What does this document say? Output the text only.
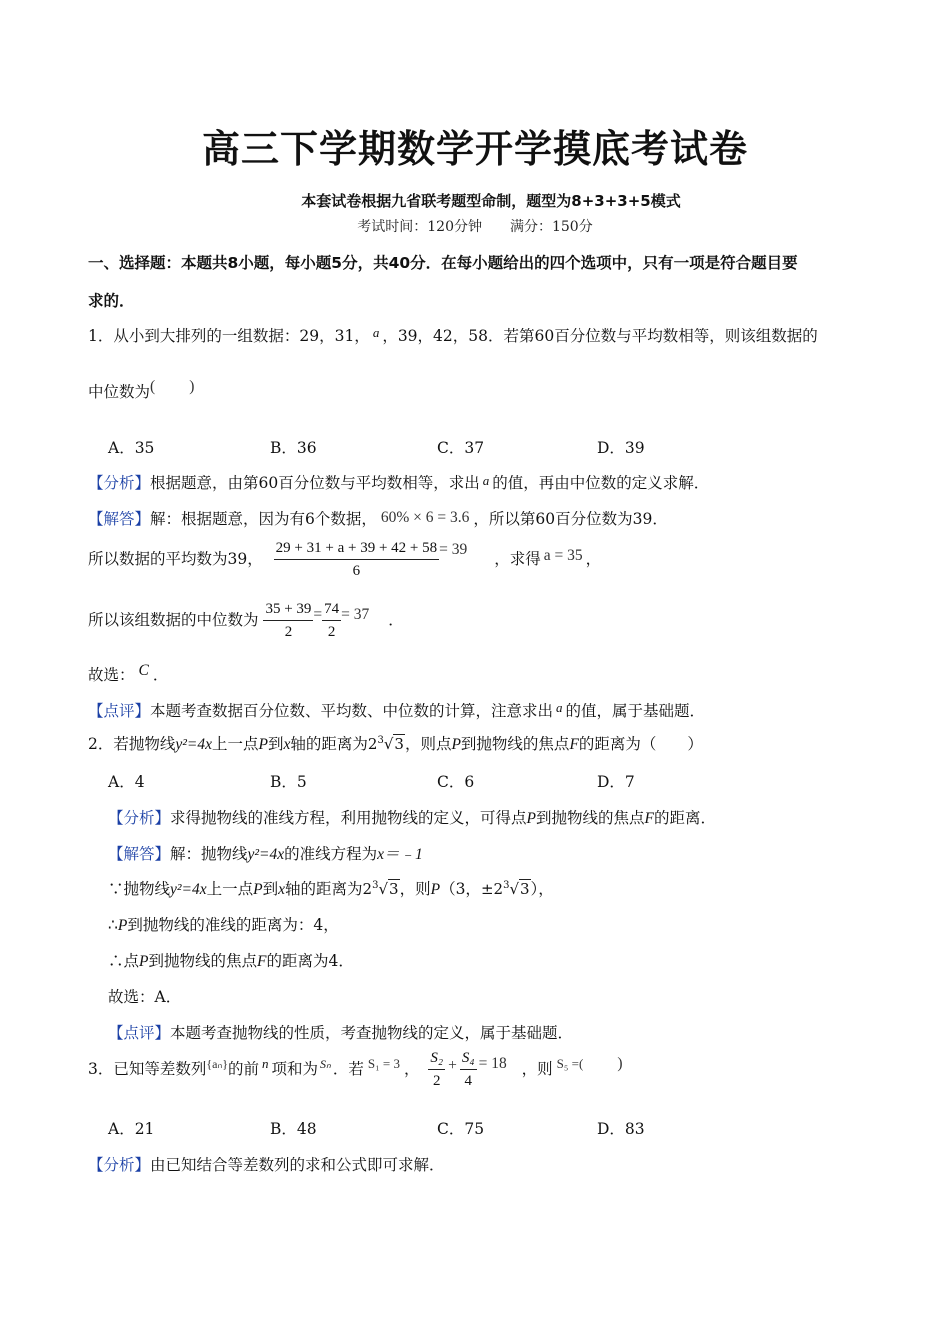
高三下学期数学开学摸底考试卷
本套试卷根据九省联考题型命制，题型为8+3+3+5模式
考试时间：120分钟　　满分：150分
一、选择题：本题共8小题，每小题5分，共40分．在每小题给出的四个选项中，只有一项是符合题目要
求的．
1．从小到大排列的一组数据：29，31， $^a$ ，39，42，58．若第60百分位数与平均数相等，则该组数据的
中位数为( )
A．35	B．36	C．37	D．39
【分析】根据题意，由第60百分位数与平均数相等，求出 a 的值，再由中位数的定义求解．
【解答】解：根据题意，因为有6个数据， 60% × 6 = 3.6 ，所以第60百分位数为39．
所以数据的平均数为39， $\frac{29 + 31 + a + 39 + 42 + 58}{6} = 39$ ，求得 a = 35 ，
所以该组数据的中位数为 $\frac{35 + 39}{2} = \frac{74}{2} = 37$ ．
故选： C ．
【点评】本题考查数据百分位数、平均数、中位数的计算，注意求出 $^a$ 的值，属于基础题．
2．若抛物线y²=4x上一点P到x轴的距离为$2^3√3$，则点P到抛物线的焦点F的距离为（　　）
A．4	B．5	C．6	D．7
【分析】求得抛物线的准线方程，利用抛物线的定义，可得点P到抛物线的焦点F的距离．
【解答】解：抛物线y²=4x的准线方程为x＝﹣1
∵抛物线y²=4x上一点P到x轴的距离为$2^3√3$，则P（3，$\pm 2^3√3$），
∴P到抛物线的准线的距离为：4，
∴点P到抛物线的焦点F的距离为4．
故选：A．
【点评】本题考查抛物线的性质，考查抛物线的定义，属于基础题．
3．已知等差数列$^{\{a_n\}}$的前 $^n$ 项和为 $^{S_n}$ ．若 $^{S_1 = 3}$ ， $\frac{\text{S₂}}{2} + \frac{\text{S₄}}{4} = 18$ ，则 $^{S_5 =(}$ )
A．21	B．48	C．75	D．83
【分析】由已知结合等差数列的求和公式即可求解．
